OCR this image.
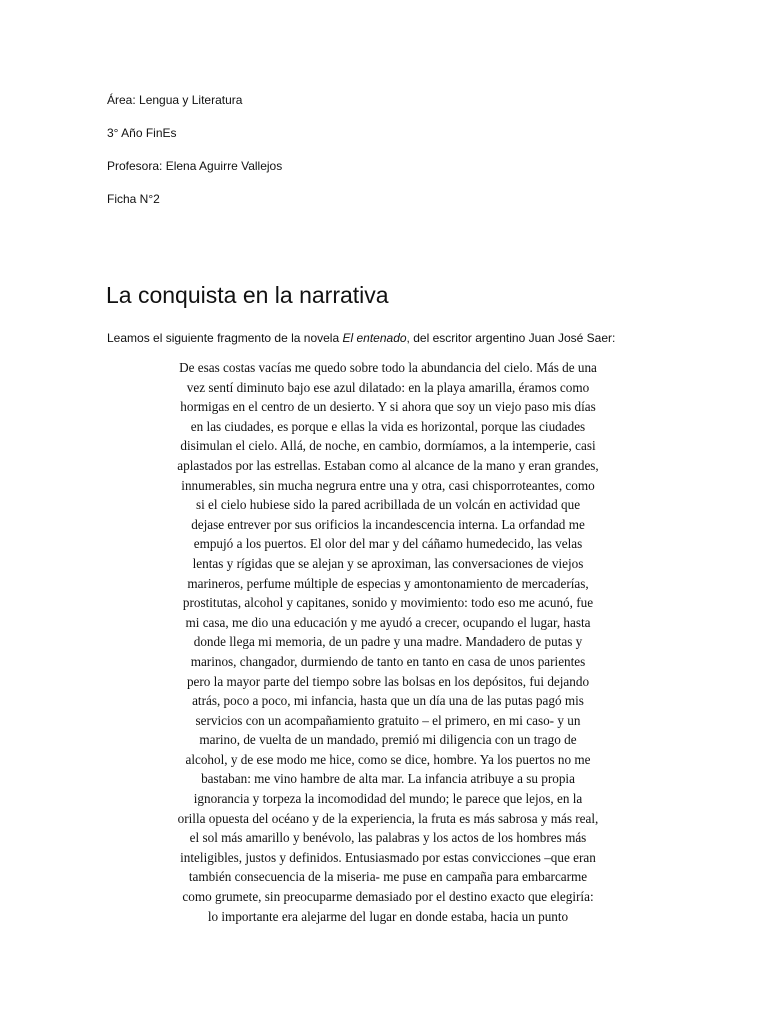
Área: Lengua y Literatura
3° Año FinEs
Profesora: Elena Aguirre Vallejos
Ficha N°2
La conquista en la narrativa
Leamos el siguiente fragmento de la novela El entenado, del escritor argentino Juan José Saer:
De esas costas vacías me quedo sobre todo la abundancia del cielo. Más de una
vez sentí diminuto bajo ese azul dilatado: en la playa amarilla, éramos como
hormigas en el centro de un desierto. Y si ahora que soy un viejo paso mis días
en las ciudades, es porque e ellas la vida es horizontal, porque las ciudades
disimulan el cielo. Allá, de noche, en cambio, dormíamos, a la intemperie, casi
aplastados por las estrellas. Estaban como al alcance de la mano y eran grandes,
innumerables, sin mucha negrura entre una y otra, casi chisporroteantes, como
si el cielo hubiese sido la pared acribillada de un volcán en actividad que
dejase entrever por sus orificios la incandescencia interna. La orfandad me
empujó a los puertos. El olor del mar y del cáñamo humedecido, las velas
lentas y rígidas que se alejan y se aproximan, las conversaciones de viejos
marineros, perfume múltiple de especias y amontonamiento de mercaderías,
prostitutas, alcohol y capitanes, sonido y movimiento: todo eso me acunó, fue
mi casa, me dio una educación y me ayudó a crecer, ocupando el lugar, hasta
donde llega mi memoria, de un padre y una madre. Mandadero de putas y
marinos, changador, durmiendo de tanto en tanto en casa de unos parientes
pero la mayor parte del tiempo sobre las bolsas en los depósitos, fui dejando
atrás, poco a poco, mi infancia, hasta que un día una de las putas pagó mis
servicios con un acompañamiento gratuito – el primero, en mi caso- y un
marino, de vuelta de un mandado, premió mi diligencia con un trago de
alcohol, y de ese modo me hice, como se dice, hombre. Ya los puertos no me
bastaban: me vino hambre de alta mar. La infancia atribuye a su propia
ignorancia y torpeza la incomodidad del mundo; le parece que lejos, en la
orilla opuesta del océano y de la experiencia, la fruta es más sabrosa y más real,
el sol más amarillo y benévolo, las palabras y los actos de los hombres más
inteligibles, justos y definidos. Entusiasmado por estas convicciones –que eran
también consecuencia de la miseria- me puse en campaña para embarcarme
como grumete, sin preocuparme demasiado por el destino exacto que elegiría:
lo importante era alejarme del lugar en donde estaba, hacia un punto
